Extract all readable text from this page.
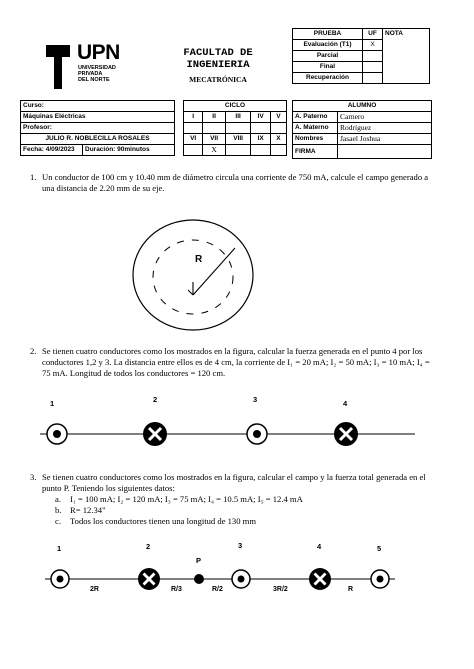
UPN
UNIVERSIDAD
PRIVADA
DEL NORTE
FACULTAD DE
INGENIERIA
MECATRÓNICA
PRUEBA	UF	NOTA
Evaluación (T1)	X	
Parcial		
Final		
Recuperación		
Curso:
Máquinas Eléctricas
Profesor:
JULIO R. NOBLECILLA ROSALES
Fecha: 4/09/2023	Duración: 90minutos
CICLO				
I	II	III	IV	V

VI	VII	VIII	IX	X
	X			
ALUMNO	
A. Paterno	Carnero
A. Materno	Rodríguez
Nombres	Jasael Joshua
FIRMA	
1. Un conductor de 100 cm y 10.40 mm de diámetro circula una corriente de 750 mA, calcule el campo generado a una distancia de 2.20 mm de su eje.
R
2. Se tienen cuatro conductores como los mostrados en la figura, calcular la fuerza generada en el punto 4 por los conductores 1,2 y 3. La distancia entre ellos es de 4 cm, la corriente de I₁ = 20 mA; I₂ = 50 mA; I₃ = 10 mA; I₄ = 75 mA. Longitud de todos los conductores = 120 cm.
1	2	3	4
3. Se tienen cuatro conductores como los mostrados en la figura, calcular el campo y la fuerza total generada en el punto P. Teniendo los siguientes datos:
a. I₁ = 100 mA; I₂ = 120 mA; I₃ = 75 mA; I₄ = 10.5 mA; I₅ = 12.4 mA
b. R= 12.34"
c. Todos los conductores tienen una longitud de 130 mm
1	2
P
3	4	5
2R	R/3	R/2	3R/2	R
